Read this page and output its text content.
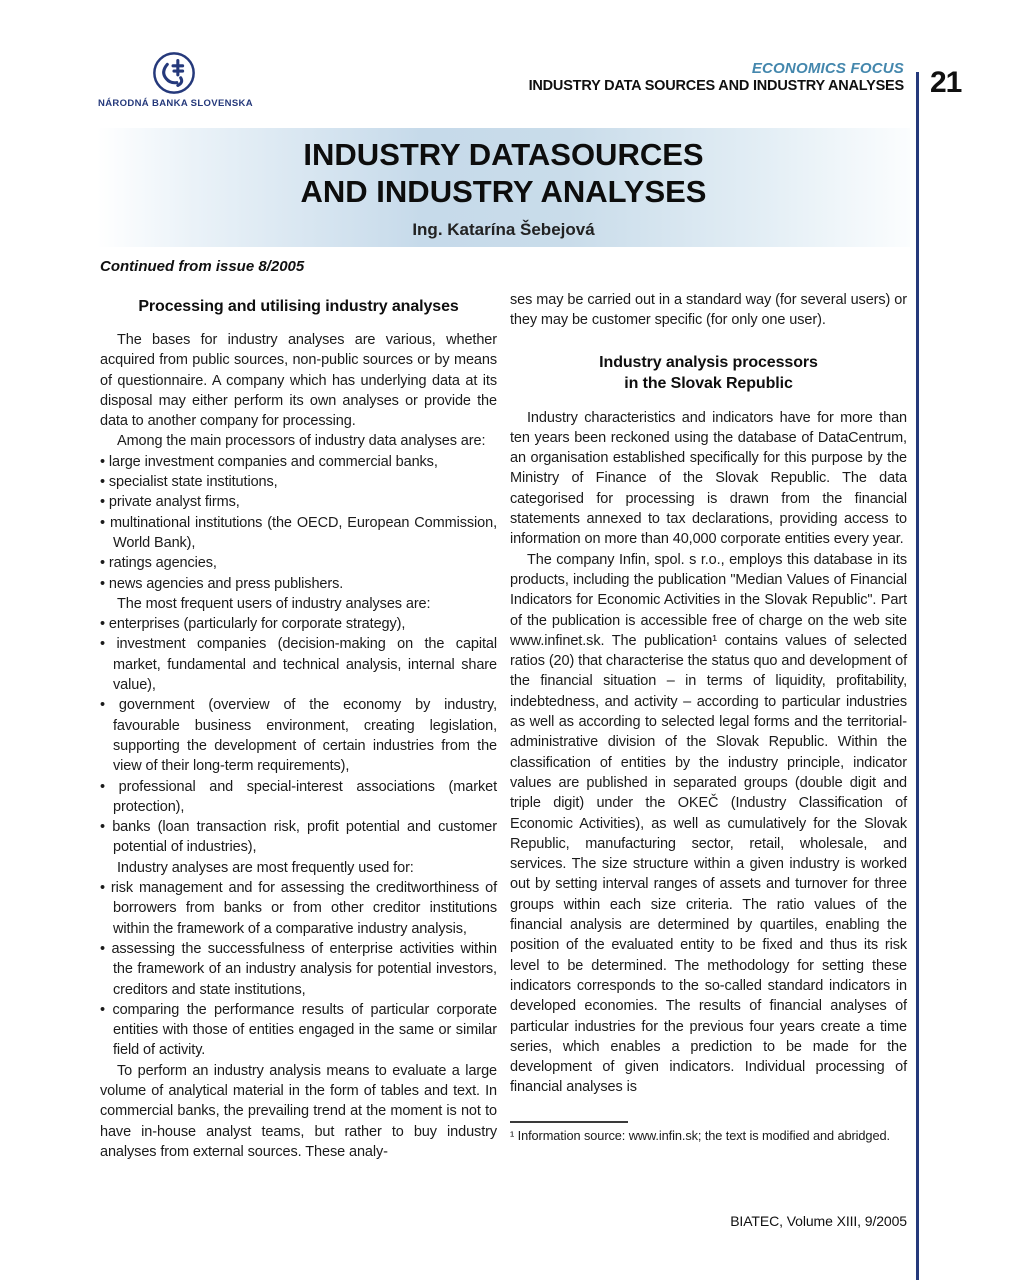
NÁRODNÁ BANKA SLOVENSKA
ECONOMICS FOCUS
INDUSTRY DATA SOURCES AND INDUSTRY ANALYSES 21
INDUSTRY DATASOURCES
AND INDUSTRY ANALYSES
Ing. Katarína Šebejová
Continued from issue 8/2005
Processing and utilising industry analyses

The bases for industry analyses are various, whether acquired from public sources, non-public sources or by means of questionnaire. A company which has underlying data at its disposal may either perform its own analyses or provide the data to another company for processing.

Among the main processors of industry data analyses are:

• large investment companies and commercial banks,
• specialist state institutions,
• private analyst firms,
• multinational institutions (the OECD, European Commission, World Bank),
• ratings agencies,
• news agencies and press publishers.

The most frequent users of industry analyses are:

• enterprises (particularly for corporate strategy),
• investment companies (decision-making on the capital market, fundamental and technical analysis, internal share value),
• government (overview of the economy by industry, favourable business environment, creating legislation, supporting the development of certain industries from the view of their long-term requirements),
• professional and special-interest associations (market protection),
• banks (loan transaction risk, profit potential and customer potential of industries),

Industry analyses are most frequently used for:

• risk management and for assessing the creditworthiness of borrowers from banks or from other creditor institutions within the framework of a comparative industry analysis,
• assessing the successfulness of enterprise activities within the framework of an industry analysis for potential investors, creditors and state institutions,
• comparing the performance results of particular corporate entities with those of entities engaged in the same or similar field of activity.

To perform an industry analysis means to evaluate a large volume of analytical material in the form of tables and text. In commercial banks, the prevailing trend at the moment is not to have in-house analyst teams, but rather to buy industry analyses from external sources. These analy-

ses may be carried out in a standard way (for several users) or they may be customer specific (for only one user).

Industry analysis processors
in the Slovak Republic

Industry characteristics and indicators have for more than ten years been reckoned using the database of DataCentrum, an organisation established specifically for this purpose by the Ministry of Finance of the Slovak Republic. The data categorised for processing is drawn from the financial statements annexed to tax declarations, providing access to information on more than 40,000 corporate entities every year.

The company Infin, spol. s r.o., employs this database in its products, including the publication "Median Values of Financial Indicators for Economic Activities in the Slovak Republic". Part of the publication is accessible free of charge on the web site www.infinet.sk. The publication¹ contains values of selected ratios (20) that characterise the status quo and development of the financial situation – in terms of liquidity, profitability, indebtedness, and activity – according to particular industries as well as according to selected legal forms and the territorial-administrative division of the Slovak Republic. Within the classification of entities by the industry principle, indicator values are published in separated groups (double digit and triple digit) under the OKEČ (Industry Classification of Economic Activities), as well as cumulatively for the Slovak Republic, manufacturing sector, retail, wholesale, and services. The size structure within a given industry is worked out by setting interval ranges of assets and turnover for three groups within each size criteria. The ratio values of the financial analysis are determined by quartiles, enabling the position of the evaluated entity to be fixed and thus its risk level to be determined. The methodology for setting these indicators corresponds to the so-called standard indicators in developed economies. The results of financial analyses of particular industries for the previous four years create a time series, which enables a prediction to be made for the development of given indicators. Individual processing of financial analyses is

¹ Information source: www.infin.sk; the text is modified and abridged.
BIATEC, Volume XIII, 9/2005
